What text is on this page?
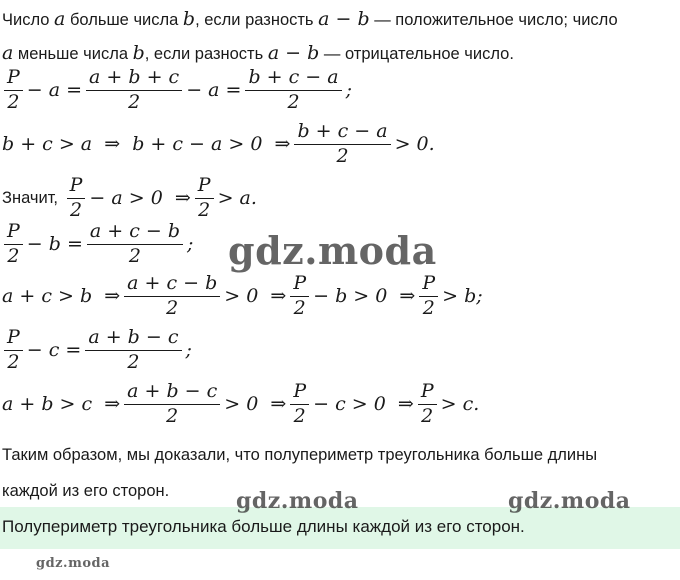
Число a больше числа b, если разность a − b — положительное число; число
a меньше числа b, если разность a − b — отрицательное число.
$\frac{P}{2} - a = \frac{a + b + c}{2} - a = \frac{b + c - a}{2}$ ;
b + c > a  ⇒  b + c − a > 0  ⇒ $\frac{b + c - a}{2} > 0$.
Значит, $\frac{P}{2} - a > 0$  ⇒ $\frac{P}{2} > a$.
$\frac{P}{2} - b = \frac{a + c - b}{2}$ ;
a + c > b  ⇒ $\frac{a + c - b}{2} > 0$  ⇒ $\frac{P}{2} - b > 0$  ⇒ $\frac{P}{2} > b$;
$\frac{P}{2} - c = \frac{a + b - c}{2}$ ;
a + b > c  ⇒ $\frac{a + b - c}{2} > 0$  ⇒ $\frac{P}{2} - c > 0$  ⇒ $\frac{P}{2} > c$.
Таким образом, мы доказали, что полупериметр треугольника больше длины
каждой из его сторон.
Полупериметр треугольника больше длины каждой из его сторон.
gdz.moda
gdz.moda	gdz.moda
gdz.moda
